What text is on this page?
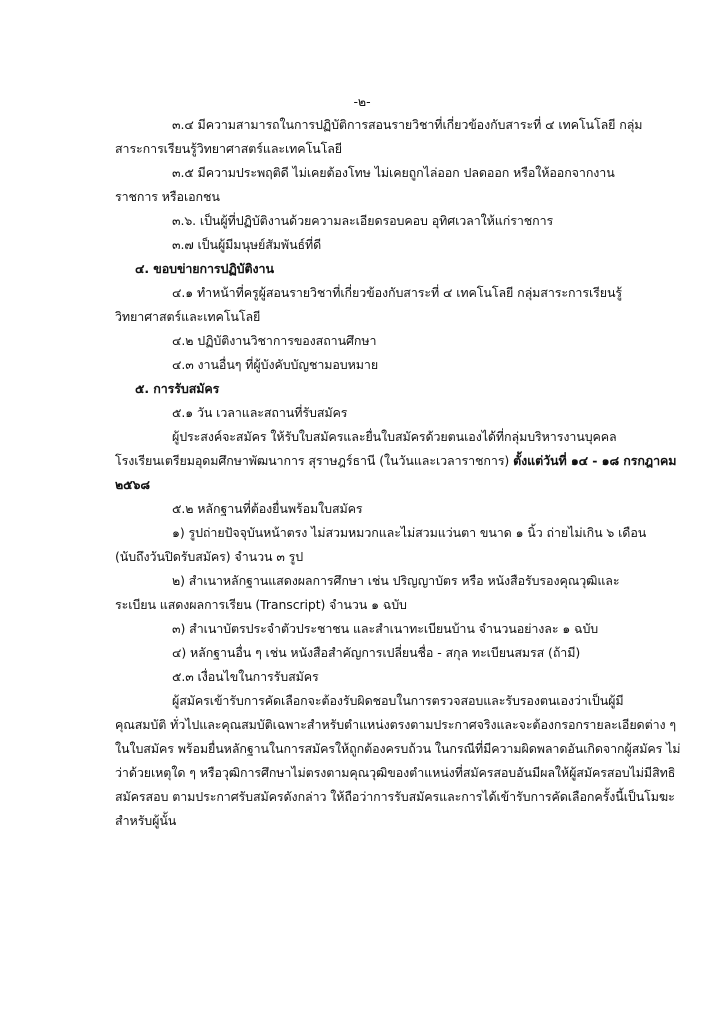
-๒-
๓.๔ มีความสามารถในการปฏิบัติการสอนรายวิชาที่เกี่ยวข้องกับสาระที่ ๔ เทคโนโลยี กลุ่ม
สาระการเรียนรู้วิทยาศาสตร์และเทคโนโลยี
๓.๕ มีความประพฤติดี ไม่เคยต้องโทษ ไม่เคยถูกไล่ออก ปลดออก หรือให้ออกจากงาน
ราชการ หรือเอกชน
๓.๖. เป็นผู้ที่ปฏิบัติงานด้วยความละเอียดรอบคอบ อุทิศเวลาให้แก่ราชการ
๓.๗ เป็นผู้มีมนุษย์สัมพันธ์ที่ดี
๔. ขอบข่ายการปฏิบัติงาน
๔.๑ ทำหน้าที่ครูผู้สอนรายวิชาที่เกี่ยวข้องกับสาระที่ ๔ เทคโนโลยี กลุ่มสาระการเรียนรู้
วิทยาศาสตร์และเทคโนโลยี
๔.๒ ปฏิบัติงานวิชาการของสถานศึกษา
๔.๓ งานอื่นๆ ที่ผู้บังคับบัญชามอบหมาย
๕. การรับสมัคร
๕.๑ วัน เวลาและสถานที่รับสมัคร
ผู้ประสงค์จะสมัคร ให้รับใบสมัครและยื่นใบสมัครด้วยตนเองได้ที่กลุ่มบริหารงานบุคคล
โรงเรียนเตรียมอุดมศึกษาพัฒนาการ สุราษฎร์ธานี (ในวันและเวลาราชการ) ตั้งแต่วันที่ ๑๔ - ๑๘ กรกฎาคม
๒๕๖๘
๕.๒ หลักฐานที่ต้องยื่นพร้อมใบสมัคร
๑) รูปถ่ายปัจจุบันหน้าตรง ไม่สวมหมวกและไม่สวมแว่นตา ขนาด ๑ นิ้ว ถ่ายไม่เกิน ๖ เดือน
(นับถึงวันปิดรับสมัคร) จำนวน ๓ รูป
๒) สำเนาหลักฐานแสดงผลการศึกษา เช่น ปริญญาบัตร หรือ หนังสือรับรองคุณวุฒิและ
ระเบียน แสดงผลการเรียน (Transcript) จำนวน ๑ ฉบับ
๓) สำเนาบัตรประจำตัวประชาชน และสำเนาทะเบียนบ้าน จำนวนอย่างละ ๑ ฉบับ
๔) หลักฐานอื่น ๆ เช่น หนังสือสำคัญการเปลี่ยนชื่อ - สกุล ทะเบียนสมรส (ถ้ามี)
๕.๓ เงื่อนไขในการรับสมัคร
ผู้สมัครเข้ารับการคัดเลือกจะต้องรับผิดชอบในการตรวจสอบและรับรองตนเองว่าเป็นผู้มี
คุณสมบัติ ทั่วไปและคุณสมบัติเฉพาะสำหรับตำแหน่งตรงตามประกาศจริงและจะต้องกรอกรายละเอียดต่าง ๆ
ในใบสมัคร พร้อมยื่นหลักฐานในการสมัครให้ถูกต้องครบถ้วน ในกรณีที่มีความผิดพลาดอันเกิดจากผู้สมัคร ไม่
ว่าด้วยเหตุใด ๆ หรือวุฒิการศึกษาไม่ตรงตามคุณวุฒิของตำแหน่งที่สมัครสอบอันมีผลให้ผู้สมัครสอบไม่มีสิทธิ
สมัครสอบ ตามประกาศรับสมัครดังกล่าว ให้ถือว่าการรับสมัครและการได้เข้ารับการคัดเลือกครั้งนี้เป็นโมฆะ
สำหรับผู้นั้น
